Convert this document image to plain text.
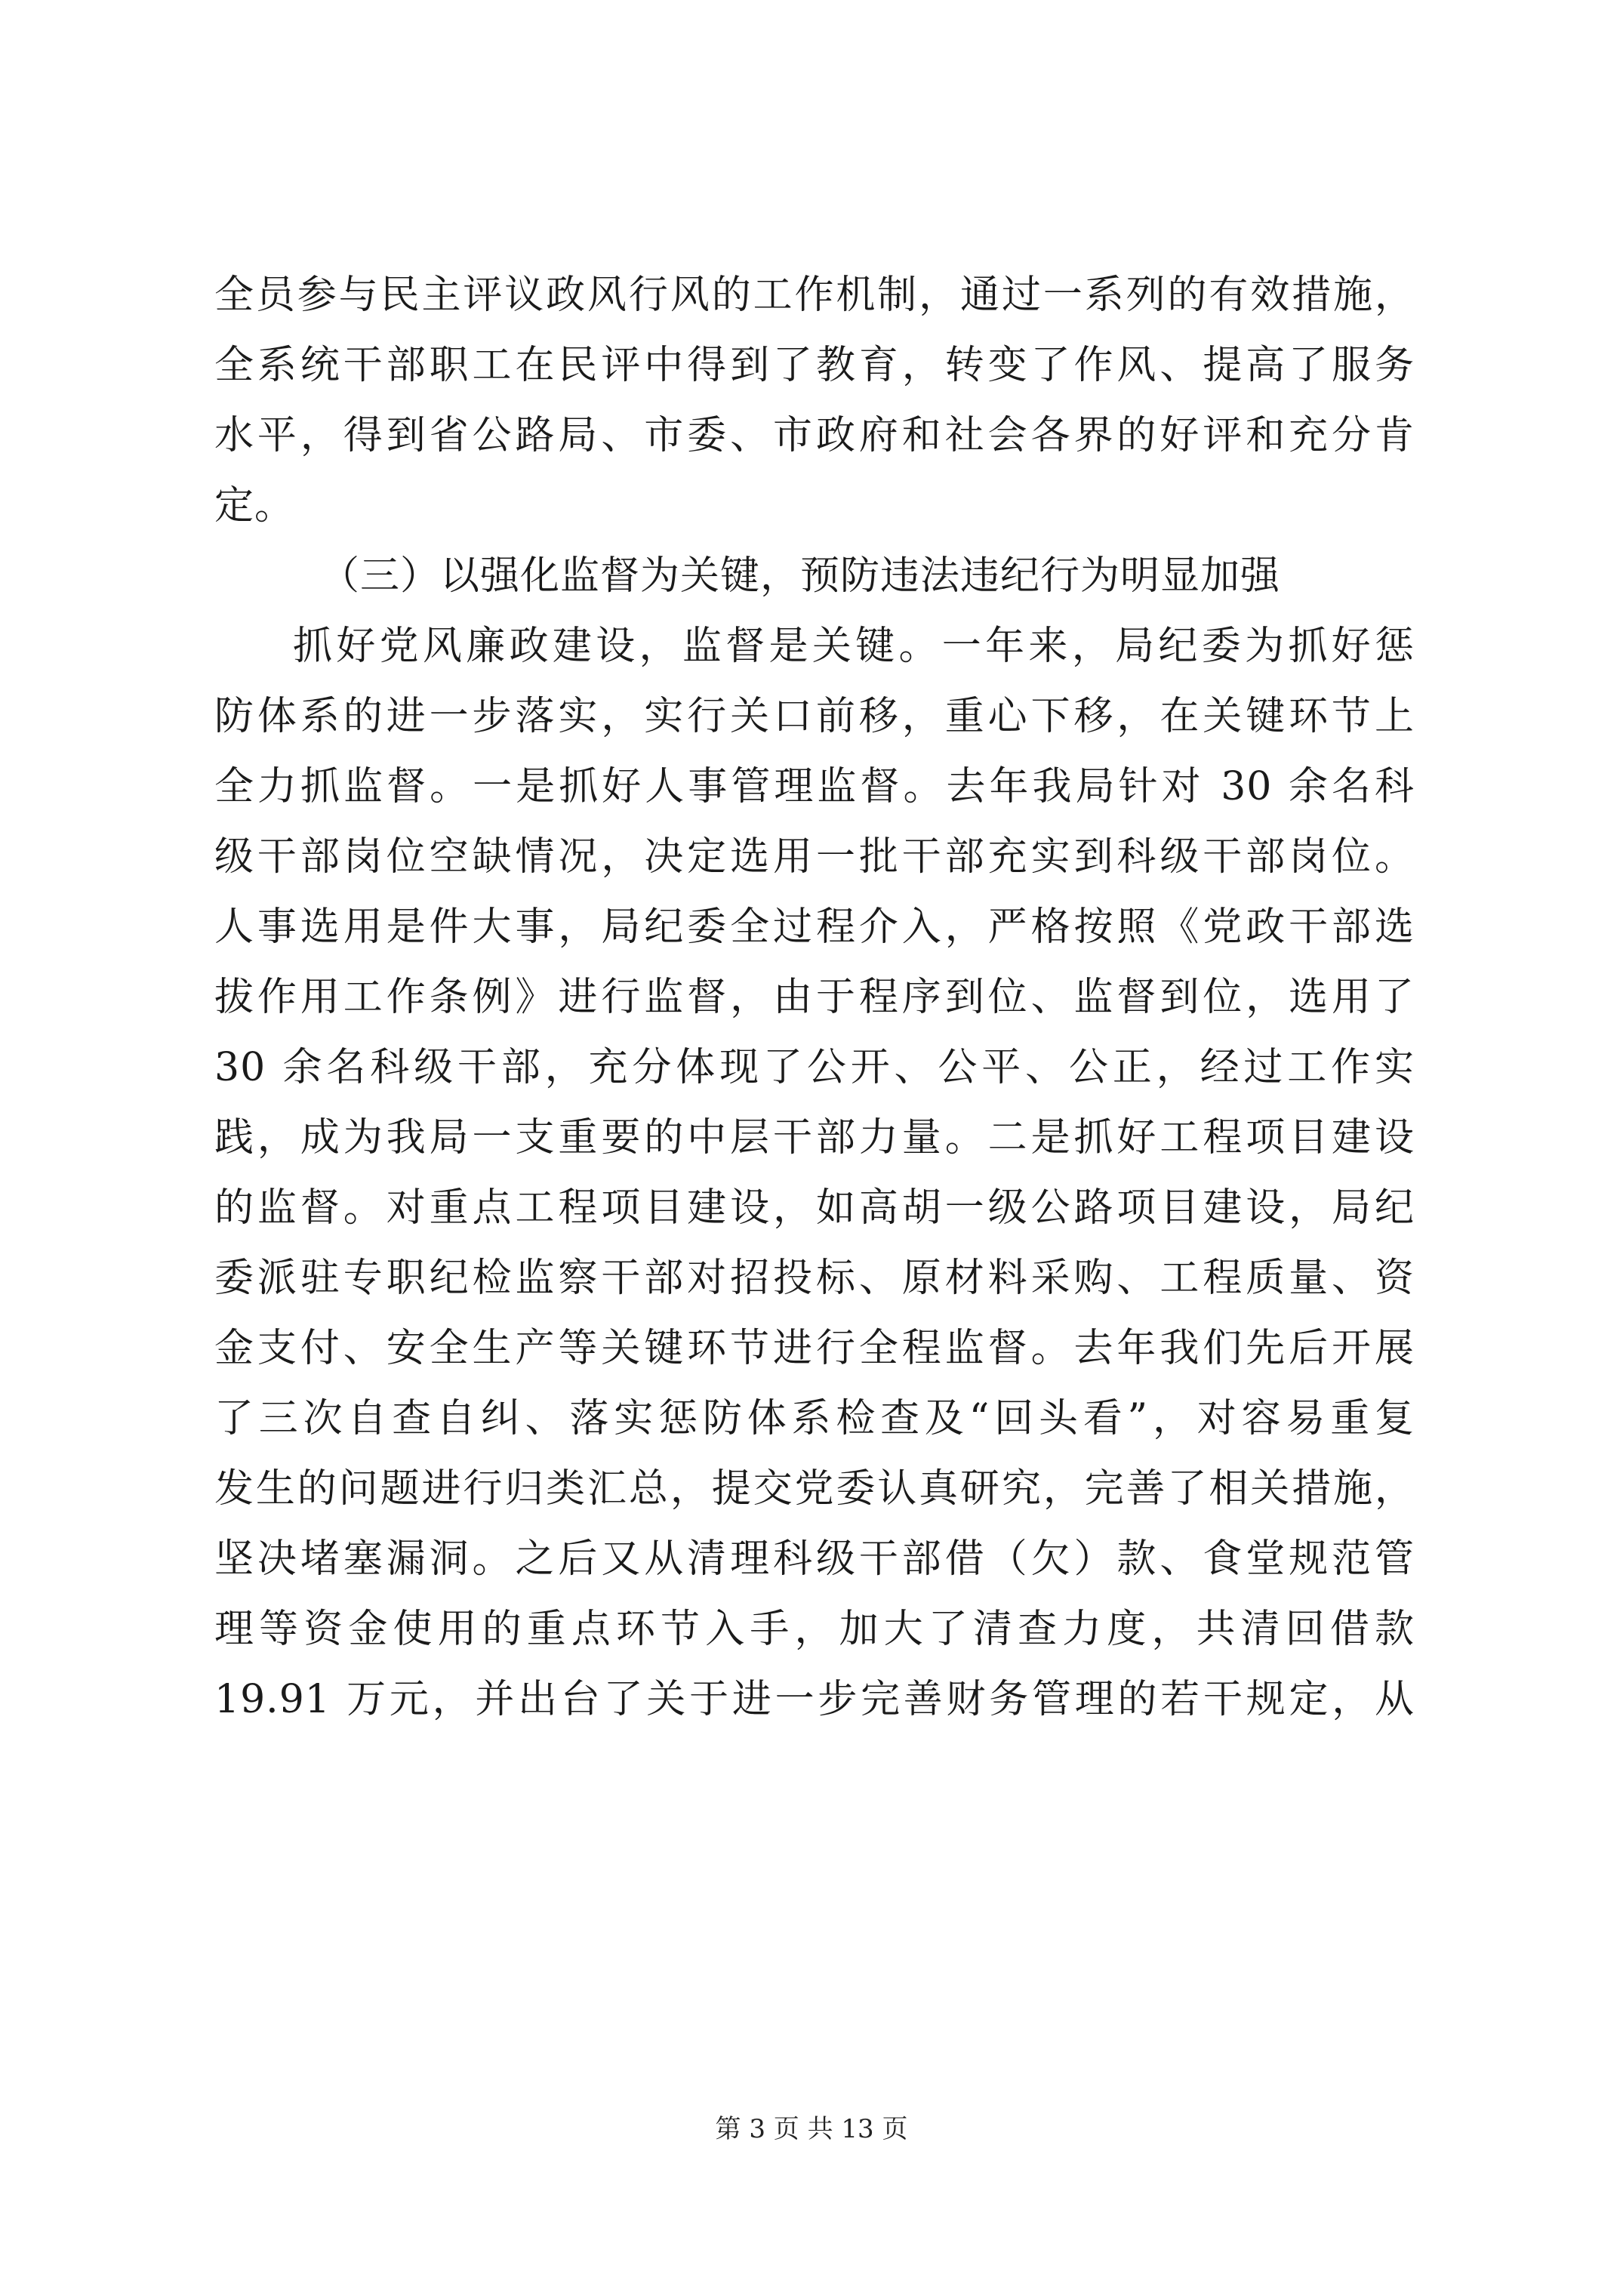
全员参与民主评议政风行风的工作机制，通过一系列的有效措施，
全系统干部职工在民评中得到了教育，转变了作风、提高了服务
水平，得到省公路局、市委、市政府和社会各界的好评和充分肯
定。
（三）以强化监督为关键，预防违法违纪行为明显加强
抓好党风廉政建设，监督是关键。一年来，局纪委为抓好惩
防体系的进一步落实，实行关口前移，重心下移，在关键环节上
全力抓监督。一是抓好人事管理监督。去年我局针对 30 余名科
级干部岗位空缺情况，决定选用一批干部充实到科级干部岗位。
人事选用是件大事，局纪委全过程介入，严格按照《党政干部选
拔作用工作条例》进行监督，由于程序到位、监督到位，选用了
30 余名科级干部，充分体现了公开、公平、公正，经过工作实
践，成为我局一支重要的中层干部力量。二是抓好工程项目建设
的监督。对重点工程项目建设，如高胡一级公路项目建设，局纪
委派驻专职纪检监察干部对招投标、原材料采购、工程质量、资
金支付、安全生产等关键环节进行全程监督。去年我们先后开展
了三次自查自纠、落实惩防体系检查及“回头看”，对容易重复
发生的问题进行归类汇总，提交党委认真研究，完善了相关措施，
坚决堵塞漏洞。之后又从清理科级干部借（欠）款、食堂规范管
理等资金使用的重点环节入手，加大了清查力度，共清回借款
19.91 万元，并出台了关于进一步完善财务管理的若干规定，从
第 3 页 共 13 页
